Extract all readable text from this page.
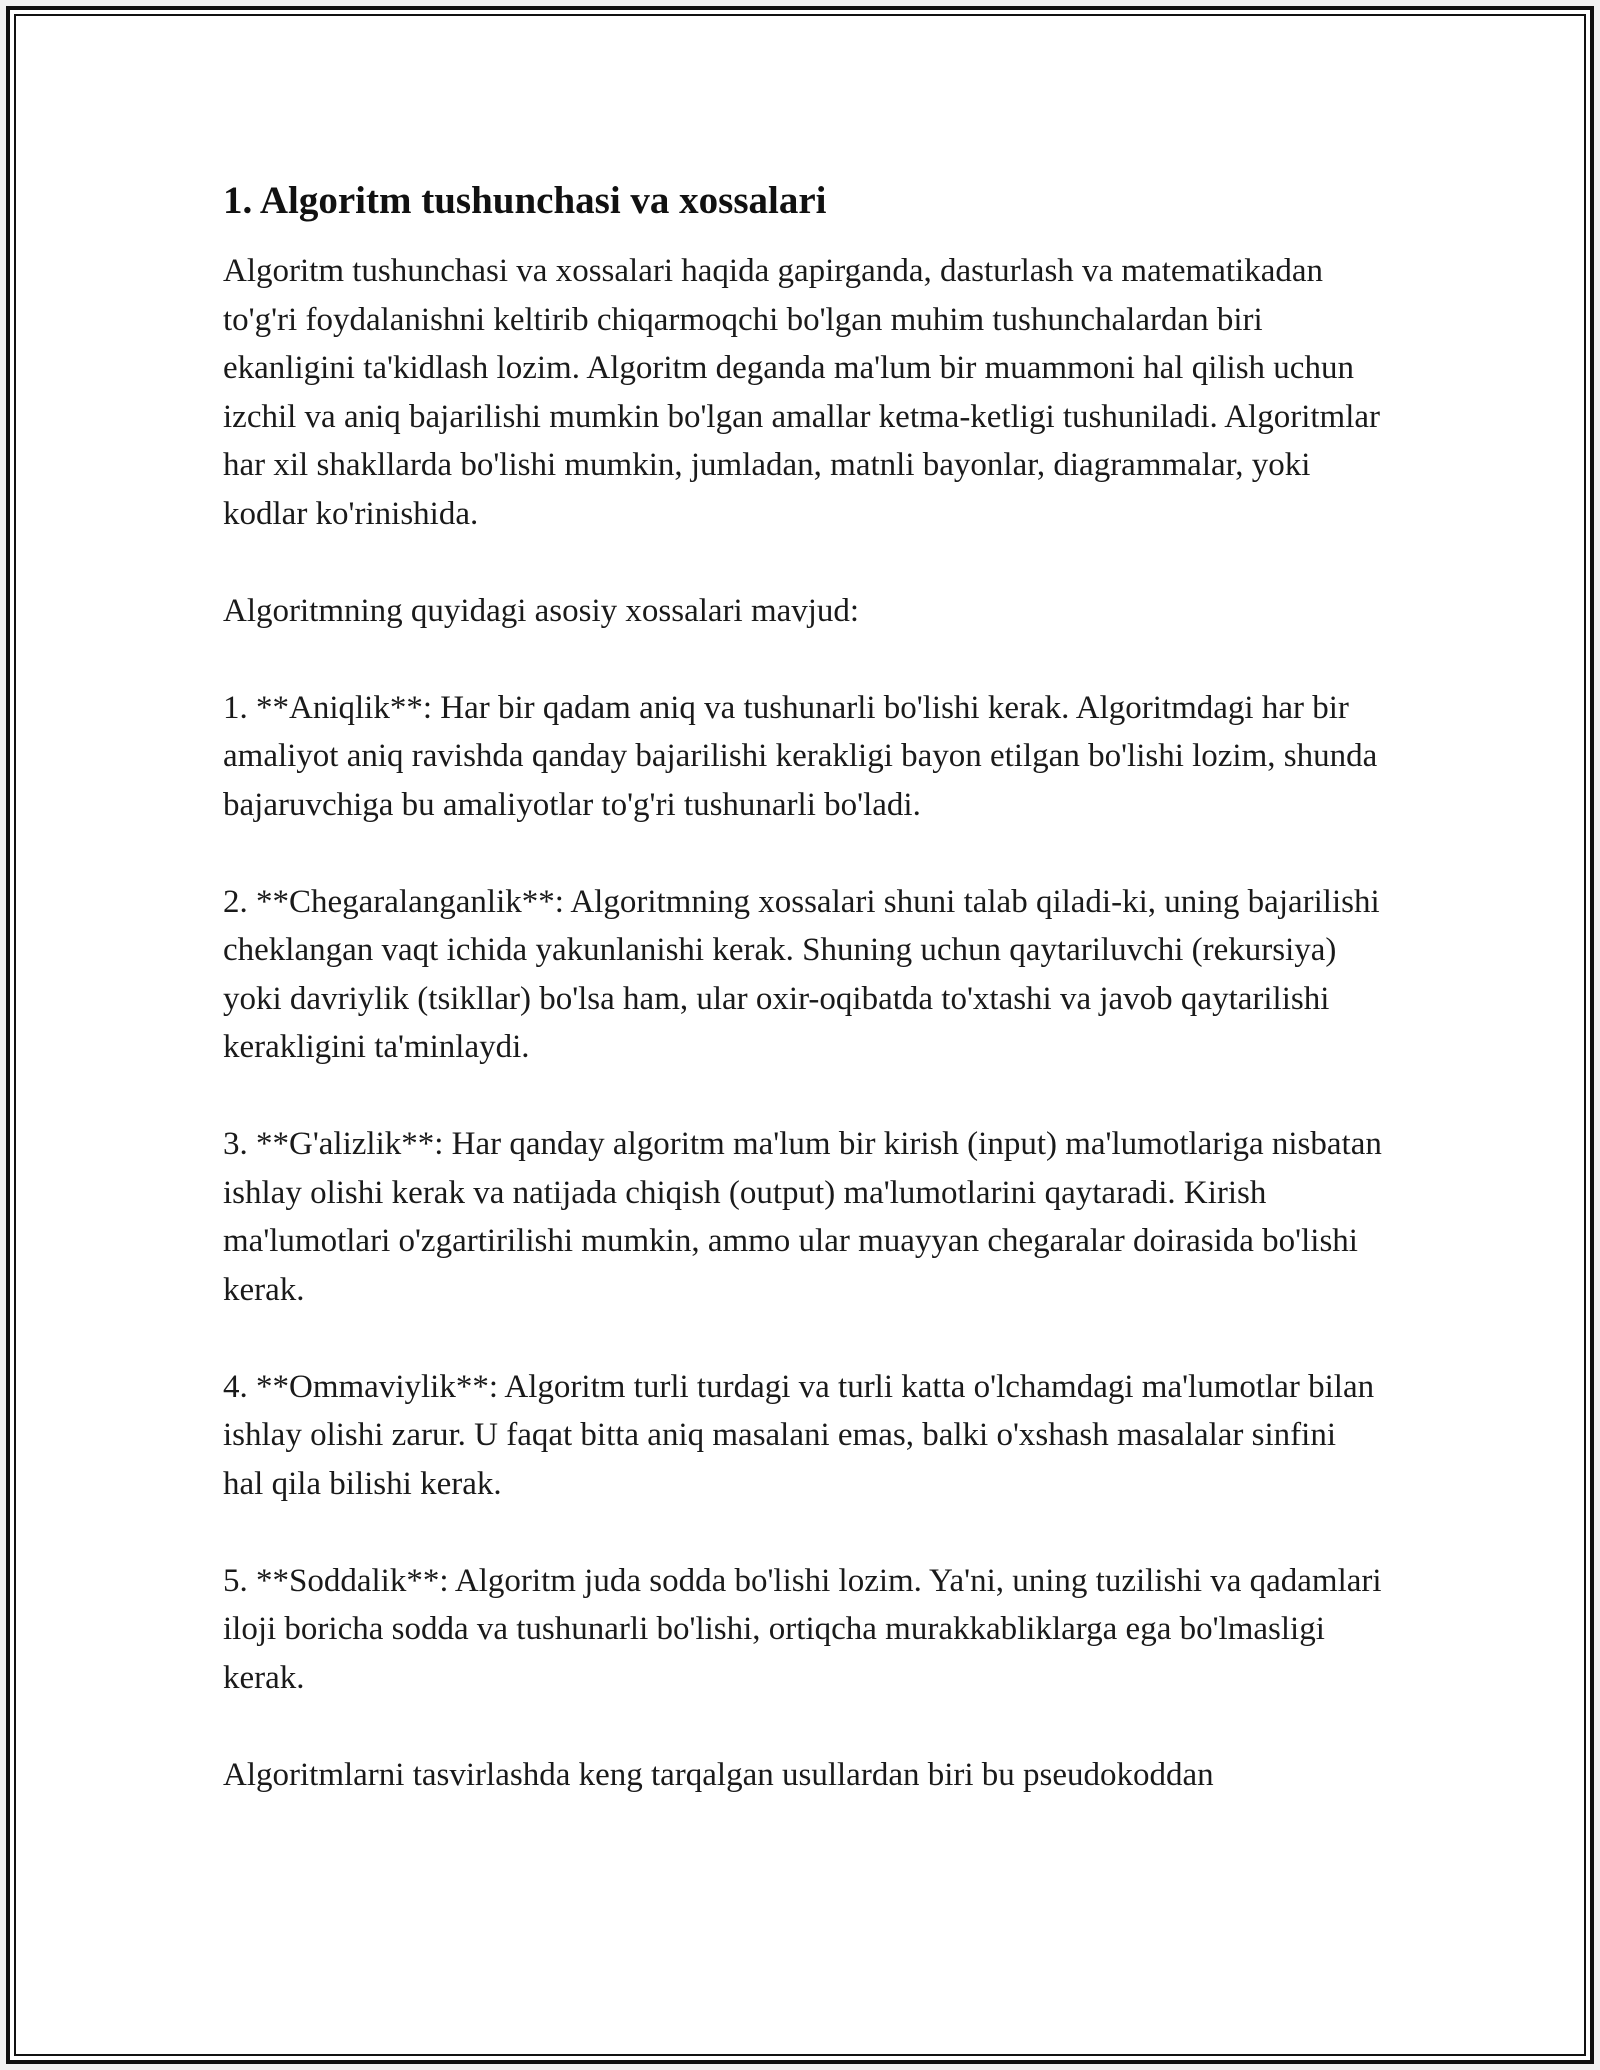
1. Algoritm tushunchasi va xossalari

Algoritm tushunchasi va xossalari haqida gapirganda, dasturlash va matematikadan to'g'ri foydalanishni keltirib chiqarmoqchi bo'lgan muhim tushunchalardan biri ekanligini ta'kidlash lozim. Algoritm deganda ma'lum bir muammoni hal qilish uchun izchil va aniq bajarilishi mumkin bo'lgan amallar ketma-ketligi tushuniladi. Algoritmlar har xil shakllarda bo'lishi mumkin, jumladan, matnli bayonlar, diagrammalar, yoki kodlar ko'rinishida.

Algoritmning quyidagi asosiy xossalari mavjud:

1. **Aniqlik**: Har bir qadam aniq va tushunarli bo'lishi kerak. Algoritmdagi har bir amaliyot aniq ravishda qanday bajarilishi kerakligi bayon etilgan bo'lishi lozim, shunda bajaruvchiga bu amaliyotlar to'g'ri tushunarli bo'ladi.

2. **Chegaralanganlik**: Algoritmning xossalari shuni talab qiladi-ki, uning bajarilishi cheklangan vaqt ichida yakunlanishi kerak. Shuning uchun qaytariluvchi (rekursiya) yoki davriylik (tsikllar) bo'lsa ham, ular oxir-oqibatda to'xtashi va javob qaytarilishi kerakligini ta'minlaydi.

3. **G'alizlik**: Har qanday algoritm ma'lum bir kirish (input) ma'lumotlariga nisbatan ishlay olishi kerak va natijada chiqish (output) ma'lumotlarini qaytaradi. Kirish ma'lumotlari o'zgartirilishi mumkin, ammo ular muayyan chegaralar doirasida bo'lishi kerak.

4. **Ommaviylik**: Algoritm turli turdagi va turli katta o'lchamdagi ma'lumotlar bilan ishlay olishi zarur. U faqat bitta aniq masalani emas, balki o'xshash masalalar sinfini hal qila bilishi kerak.

5. **Soddalik**: Algoritm juda sodda bo'lishi lozim. Ya'ni, uning tuzilishi va qadamlari iloji boricha sodda va tushunarli bo'lishi, ortiqcha murakkabliklarga ega bo'lmasligi kerak.

Algoritmlarni tasvirlashda keng tarqalgan usullardan biri bu pseudokoddan
